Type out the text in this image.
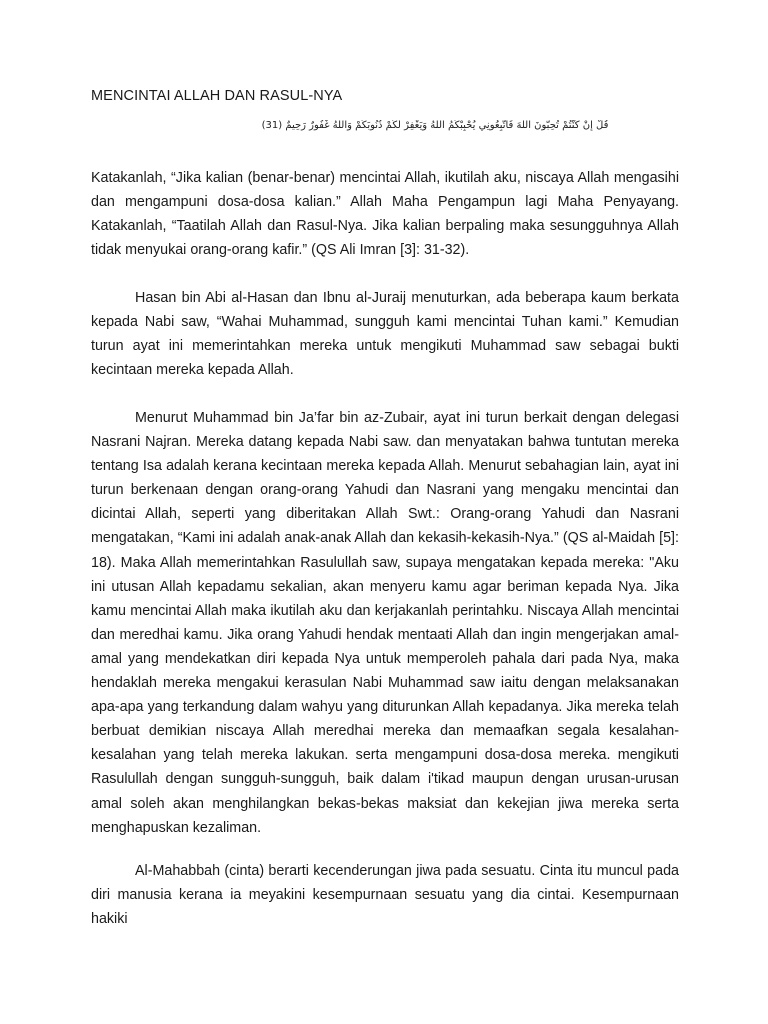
MENCINTAI ALLAH DAN RASUL-NYA
قُلْ إِنْ كُنْتُمْ تُحِبُّونَ اللَّهَ فَاتَّبِعُونِي يُحْبِبْكُمُ اللَّهُ وَيَغْفِرْ لَكُمْ ذُنُوبَكُمْ وَاللَّهُ غَفُورٌ رَحِيمٌ (31)

Katakanlah, “Jika kalian (benar-benar) mencintai Allah, ikutilah aku, niscaya Allah mengasihi dan mengampuni dosa-dosa kalian.” Allah Maha Pengampun lagi Maha Penyayang. Katakanlah, “Taatilah Allah dan Rasul-Nya. Jika kalian berpaling maka sesungguhnya Allah tidak menyukai orang-orang kafir.” (QS Ali Imran [3]: 31-32).

Hasan bin Abi al-Hasan dan Ibnu al-Juraij menuturkan, ada beberapa kaum berkata kepada Nabi saw, “Wahai Muhammad, sungguh kami mencintai Tuhan kami.” Kemudian turun ayat ini memerintahkan mereka untuk mengikuti Muhammad saw sebagai bukti kecintaan mereka kepada Allah.

Menurut Muhammad bin Ja’far bin az-Zubair, ayat ini turun berkait dengan delegasi Nasrani Najran. Mereka datang kepada Nabi saw. dan menyatakan bahwa tuntutan mereka tentang Isa adalah kerana kecintaan mereka kepada Allah. Menurut sebahagian lain, ayat ini turun berkenaan dengan orang-orang Yahudi dan Nasrani yang mengaku mencintai dan dicintai Allah, seperti yang diberitakan Allah Swt.: Orang-orang Yahudi dan Nasrani mengatakan, “Kami ini adalah anak-anak Allah dan kekasih-kekasih-Nya.” (QS al-Maidah [5]: 18). Maka Allah memerintahkan Rasulullah saw, supaya mengatakan kepada mereka: "Aku ini utusan Allah kepadamu sekalian, akan menyeru kamu agar beriman kepada Nya. Jika kamu mencintai Allah maka ikutilah aku dan kerjakanlah perintahku. Niscaya Allah mencintai dan meredhai kamu. Jika orang Yahudi hendak mentaati Allah dan ingin mengerjakan amal-amal yang mendekatkan diri kepada Nya untuk memperoleh pahala dari pada Nya, maka hendaklah mereka mengakui kerasulan Nabi Muhammad saw iaitu dengan melaksanakan apa-apa yang terkandung dalam wahyu yang diturunkan Allah kepadanya. Jika mereka telah berbuat demikian niscaya Allah meredhai mereka dan memaafkan segala kesalahan-kesalahan yang telah mereka lakukan. serta mengampuni dosa-dosa mereka. mengikuti Rasulullah dengan sungguh-sungguh, baik dalam i'tikad maupun dengan urusan-urusan amal soleh akan menghilangkan bekas-bekas maksiat dan kekejian jiwa mereka serta menghapuskan kezaliman.

Al-Mahabbah (cinta) berarti kecenderungan jiwa pada sesuatu. Cinta itu muncul pada diri manusia kerana ia meyakini kesempurnaan sesuatu yang dia cintai. Kesempurnaan hakiki
